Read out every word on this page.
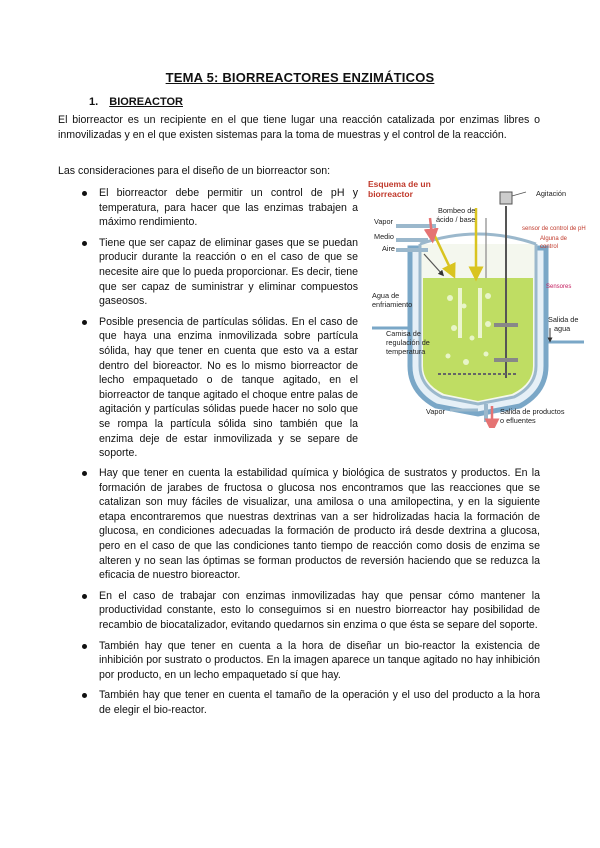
TEMA 5: BIORREACTORES ENZIMÁTICOS
1. BIOREACTOR
El biorreactor es un recipiente en el que tiene lugar una reacción catalizada por enzimas libres o inmovilizadas y en el que existen sistemas para la toma de muestras y el control de la reacción.
Las consideraciones para el diseño de un biorreactor son:
El biorreactor debe permitir un control de pH y temperatura, para hacer que las enzimas trabajen a máximo rendimiento.
Tiene que ser capaz de eliminar gases que se puedan producir durante la reacción o en el caso de que se necesite aire que lo pueda proporcionar. Es decir, tiene que ser capaz de suministrar y eliminar compuestos gaseosos.
Posible presencia de partículas sólidas. En el caso de que haya una enzima inmovilizada sobre partícula sólida, hay que tener en cuenta que esto va a estar dentro del bioreactor. No es lo mismo biorreactor de lecho empaquetado o de tanque agitado, en el biorreactor de tanque agitado el choque entre palas de agitación y partículas sólidas puede hacer no solo que se rompa la partícula sólida sino también que la enzima deje de estar inmovilizada y se separe de soporte.
Esquema de un
biorreactor	Agitación
Bombeo de
ácido / base
Vapor
Medio
Aire
sensor de control de pH
Alguna de
control
Sensores
Agua de
enfriamiento
Camisa de
regulación de
temperatura
Salida de
agua
Vapor	Salida de productos
o efluentes
Hay que tener en cuenta la estabilidad química y biológica de sustratos y productos. En la formación de jarabes de fructosa o glucosa nos encontramos que las reacciones que se catalizan son muy fáciles de visualizar, una amilosa o una amilopectina, y en la siguiente etapa encontraremos que nuestras dextrinas van a ser hidrolizadas hacia la formación de glucosa, en condiciones adecuadas la formación de producto irá desde dextrina a glucosa, pero en el caso de que las condiciones tanto tiempo de reacción como dosis de enzima se alteren y no sean las óptimas se forman productos de reversión haciendo que se reduzca la eficacia de nuestro bioreactor.
En el caso de trabajar con enzimas inmovilizadas hay que pensar cómo mantener la productividad constante, esto lo conseguimos si en nuestro biorreactor hay posibilidad de recambio de biocatalizador, evitando quedarnos sin enzima o que ésta se separe del soporte.
También hay que tener en cuenta a la hora de diseñar un bio-reactor la existencia de inhibición por sustrato o productos. En la imagen aparece un tanque agitado no hay inhibición por producto, en un lecho empaquetado sí que hay.
También hay que tener en cuenta el tamaño de la operación y el uso del producto a la hora de elegir el bio-reactor.
